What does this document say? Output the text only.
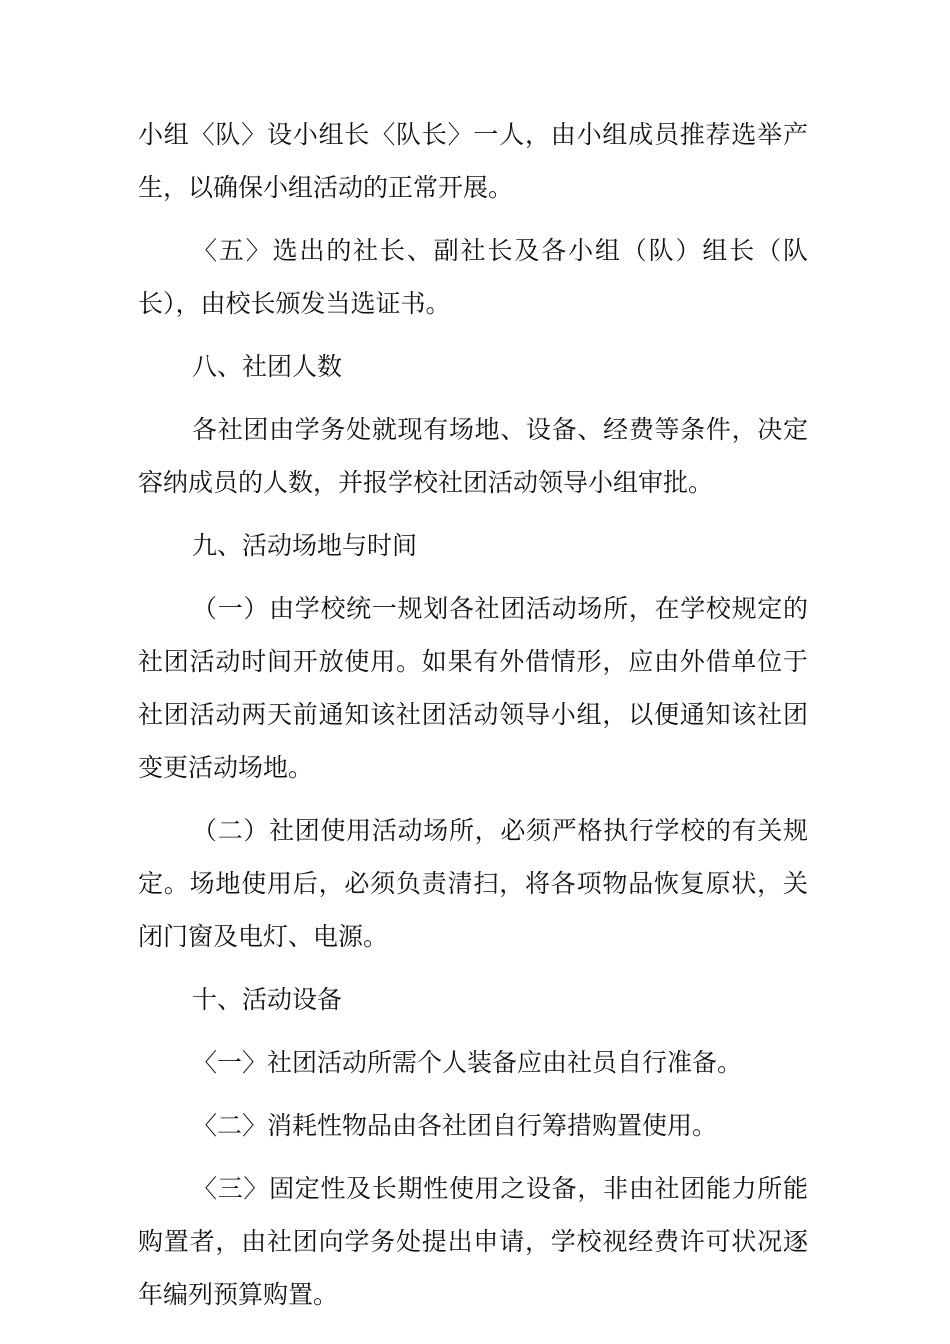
小组〈队〉设小组长〈队长〉一人，由小组成员推荐选举产生，以确保小组活动的正常开展。

〈五〉选出的社长、副社长及各小组（队）组长（队长），由校长颁发当选证书。

八、社团人数

各社团由学务处就现有场地、设备、经费等条件，决定容纳成员的人数，并报学校社团活动领导小组审批。

九、活动场地与时间

（一）由学校统一规划各社团活动场所，在学校规定的社团活动时间开放使用。如果有外借情形，应由外借单位于社团活动两天前通知该社团活动领导小组，以便通知该社团变更活动场地。

（二）社团使用活动场所，必须严格执行学校的有关规定。场地使用后，必须负责清扫，将各项物品恢复原状，关闭门窗及电灯、电源。

十、活动设备

〈一〉社团活动所需个人装备应由社员自行准备。

〈二〉消耗性物品由各社团自行筹措购置使用。

〈三〉固定性及长期性使用之设备，非由社团能力所能购置者，由社团向学务处提出申请，学校视经费许可状况逐年编列预算购置。
